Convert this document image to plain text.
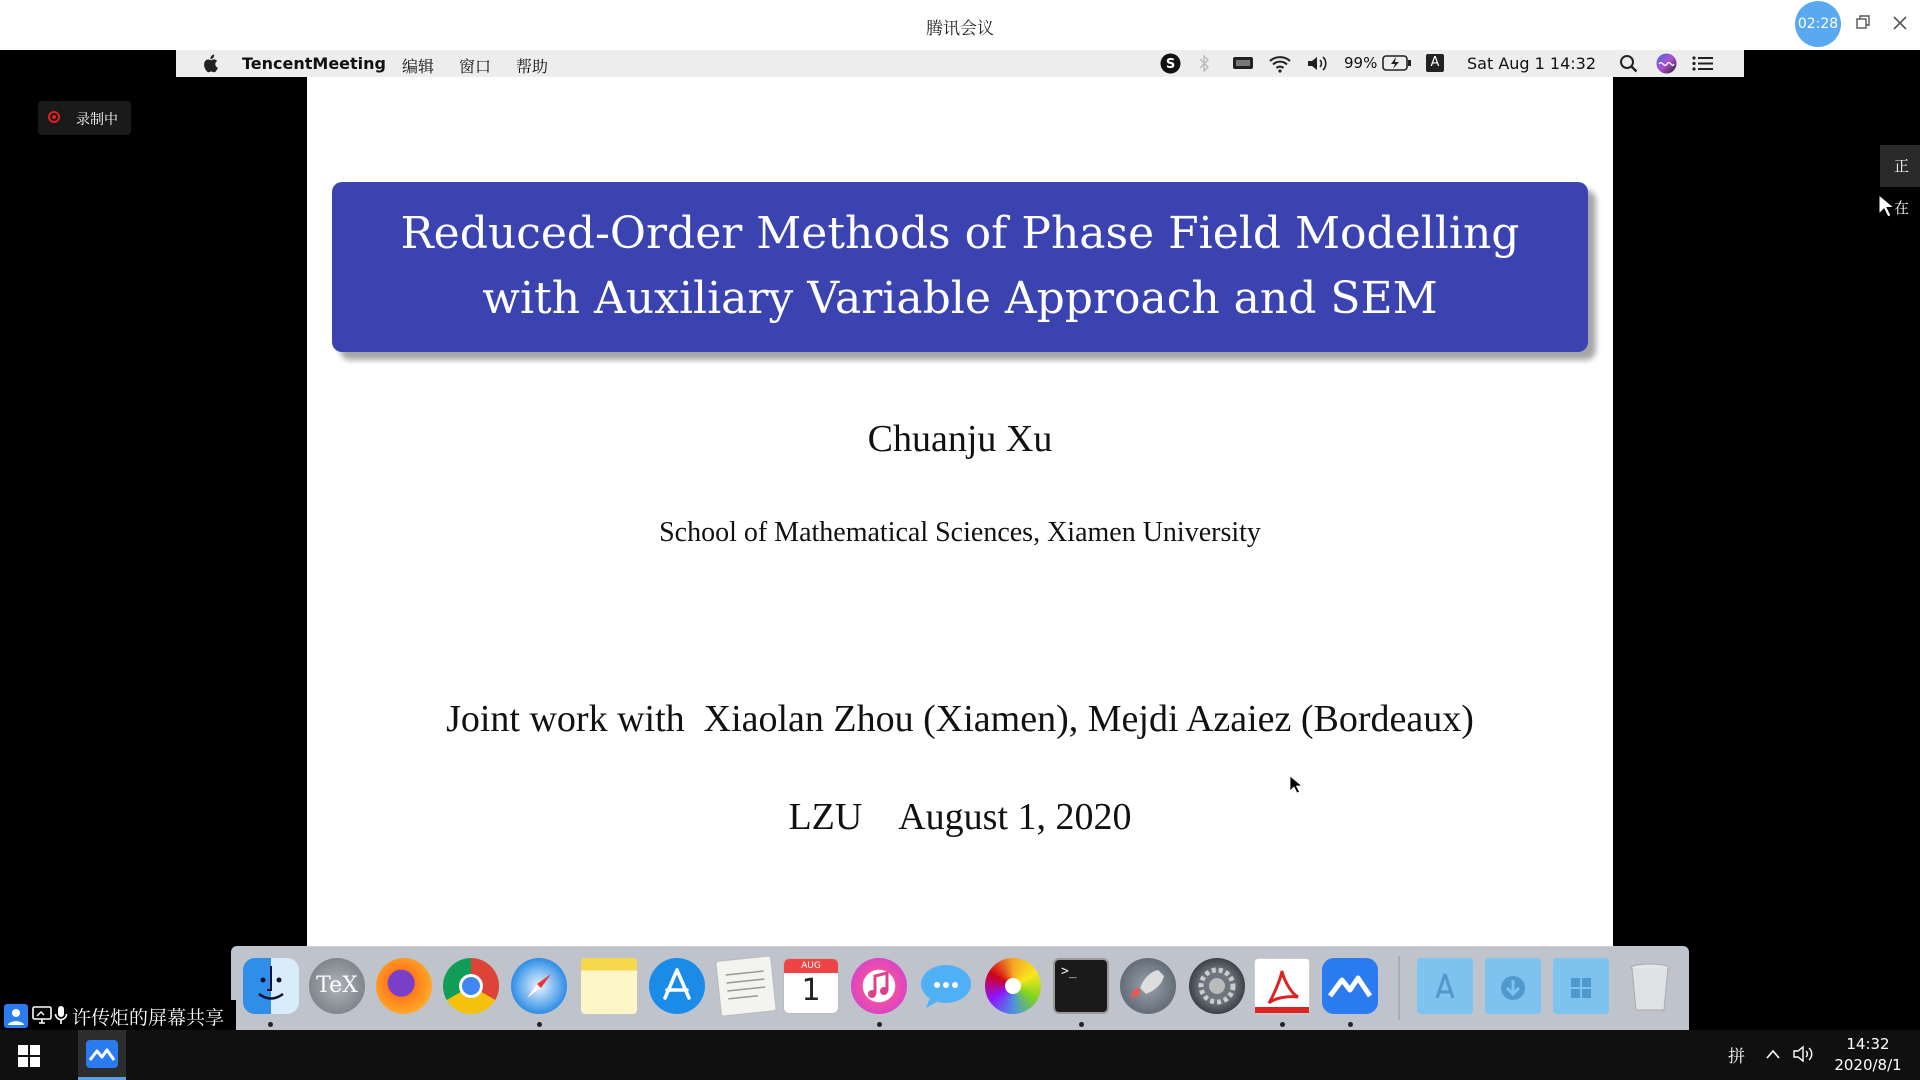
腾讯会议	02:28
TencentMeeting 编辑 窗口 帮助	S	99%	A Sat Aug 1 14:32
录制中
正在
Reduced-Order Methods of Phase Field Modelling
with Auxiliary Variable Approach and SEM
Chuanju Xu
School of Mathematical Sciences, Xiamen University
Joint work with  Xiaolan Zhou (Xiamen), Mejdi Azaiez (Bordeaux)
LZU    August 1, 2020
TeX
AUG
1
>_
许传炬的屏幕共享
拼
14:32
2020/8/1
